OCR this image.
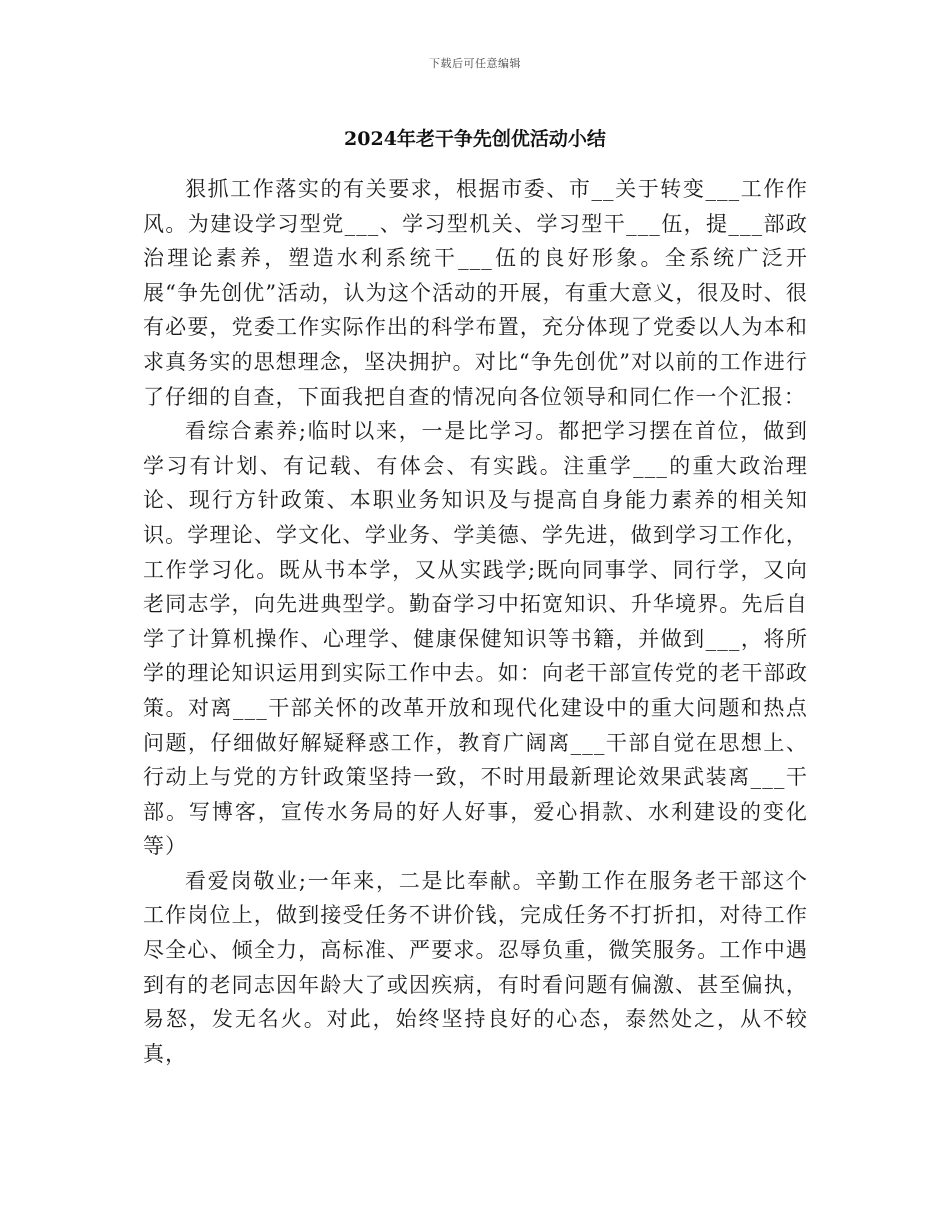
下载后可任意编辑
2024年老干争先创优活动小结

狠抓工作落实的有关要求，根据市委、市__关于转变___工作作风。为建设学习型党___、学习型机关、学习型干___伍，提___部政治理论素养，塑造水利系统干___伍的良好形象。全系统广泛开展“争先创优”活动，认为这个活动的开展，有重大意义，很及时、很有必要，党委工作实际作出的科学布置，充分体现了党委以人为本和求真务实的思想理念，坚决拥护。对比“争先创优”对以前的工作进行了仔细的自查，下面我把自查的情况向各位领导和同仁作一个汇报：

看综合素养;临时以来，一是比学习。都把学习摆在首位，做到学习有计划、有记载、有体会、有实践。注重学___的重大政治理论、现行方针政策、本职业务知识及与提高自身能力素养的相关知识。学理论、学文化、学业务、学美德、学先进，做到学习工作化，工作学习化。既从书本学，又从实践学;既向同事学、同行学，又向老同志学，向先进典型学。勤奋学习中拓宽知识、升华境界。先后自学了计算机操作、心理学、健康保健知识等书籍，并做到___，将所学的理论知识运用到实际工作中去。如：向老干部宣传党的老干部政策。对离___干部关怀的改革开放和现代化建设中的重大问题和热点问题，仔细做好解疑释惑工作，教育广阔离___干部自觉在思想上、行动上与党的方针政策坚持一致，不时用最新理论效果武装离___干部。写博客，宣传水务局的好人好事，爱心捐款、水利建设的变化等）

看爱岗敬业;一年来，二是比奉献。辛勤工作在服务老干部这个工作岗位上，做到接受任务不讲价钱，完成任务不打折扣，对待工作尽全心、倾全力，高标准、严要求。忍辱负重，微笑服务。工作中遇到有的老同志因年龄大了或因疾病，有时看问题有偏激、甚至偏执，易怒，发无名火。对此，始终坚持良好的心态，泰然处之，从不较真，
